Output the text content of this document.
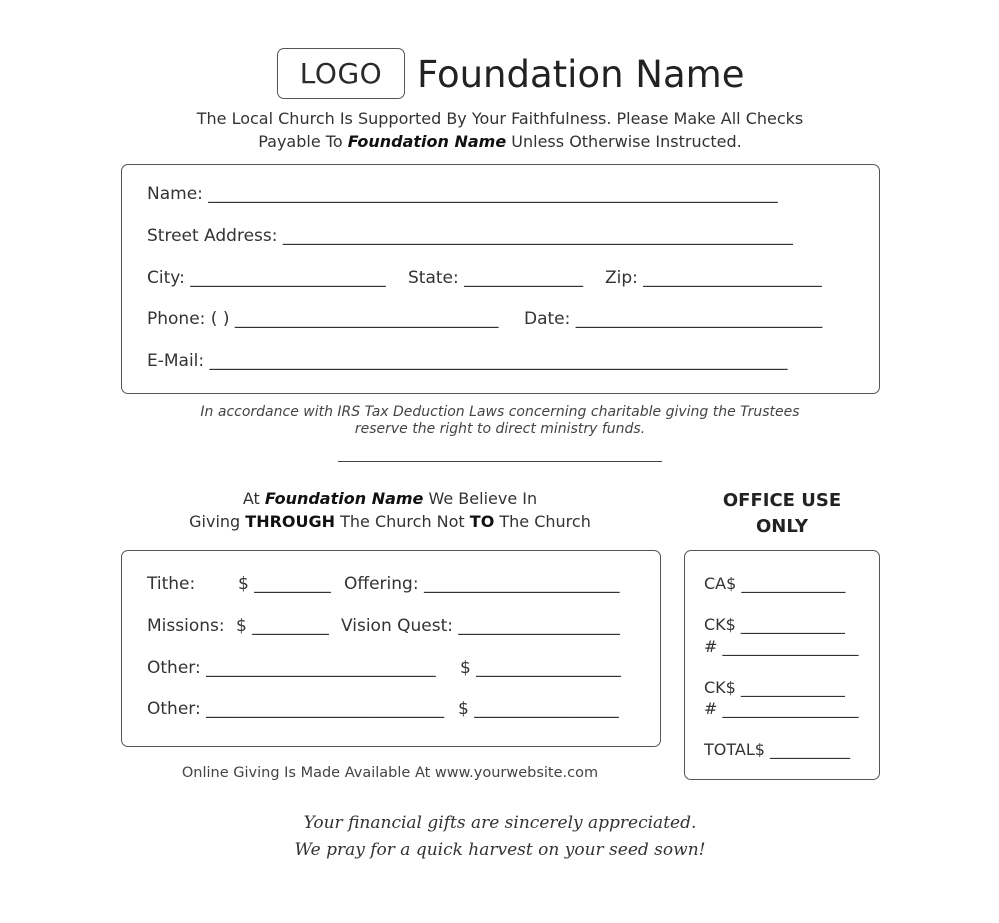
LOGO Foundation Name
The Local Church Is Supported By Your Faithfulness. Please Make All Checks
Payable To Foundation Name Unless Otherwise Instructed.
Name: ___________________________________________________________________
Street Address: ____________________________________________________________
City: _______________________ State: ______________ Zip: _____________________
Phone: ( ) _______________________________ Date: _____________________________
E-Mail: ____________________________________________________________________
In accordance with IRS Tax Deduction Laws concerning charitable giving the Trustees
reserve the right to direct ministry funds.
At Foundation Name We Believe In
Giving THROUGH The Church Not TO The Church
OFFICE USE
ONLY
Tithe:	$ _________ Offering: _______________________
Missions: $ _________ Vision Quest: ___________________
Other: ___________________________ $ _________________
Other: ____________________________ $ _________________
CA$ _____________
CK$ _____________
# _________________
CK$ _____________
# _________________
TOTAL$ __________
Online Giving Is Made Available At www.yourwebsite.com
Your financial gifts are sincerely appreciated.
We pray for a quick harvest on your seed sown!
